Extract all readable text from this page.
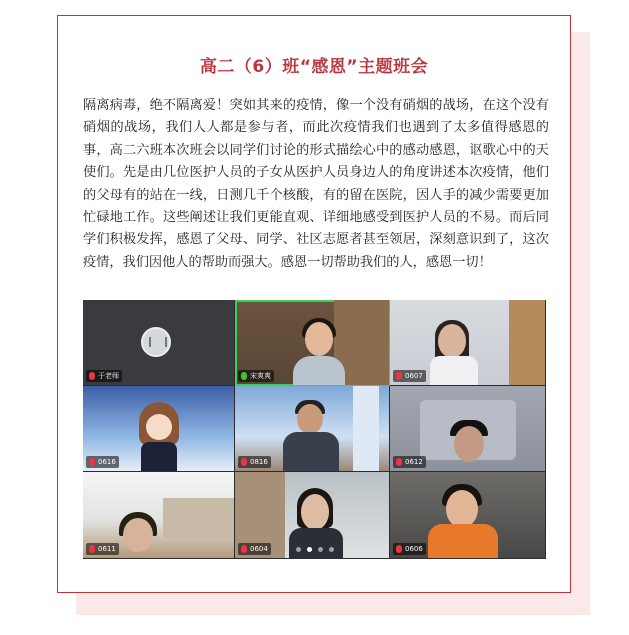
高二（6）班“感恩”主题班会

隔离病毒，绝不隔离爱！突如其来的疫情，像一个没有硝烟的战场，在这个没有硝烟的战场，我们人人都是参与者，而此次疫情我们也遇到了太多值得感恩的事，高二六班本次班会以同学们讨论的形式描绘心中的感动感恩，讴歌心中的天使们。先是由几位医护人员的子女从医护人员身边人的角度讲述本次疫情，他们的父母有的站在一线，日测几千个核酸，有的留在医院，因人手的减少需要更加忙碌地工作。这些阐述让我们更能直观、详细地感受到医护人员的不易。而后同学们积极发挥，感恩了父母、同学、社区志愿者甚至领居，深刻意识到了，这次疫情，我们因他人的帮助而强大。感恩一切帮助我们的人，感恩一切！

于老师	宋爽爽	0607
0616	0816	0612
0611	0604	0606
